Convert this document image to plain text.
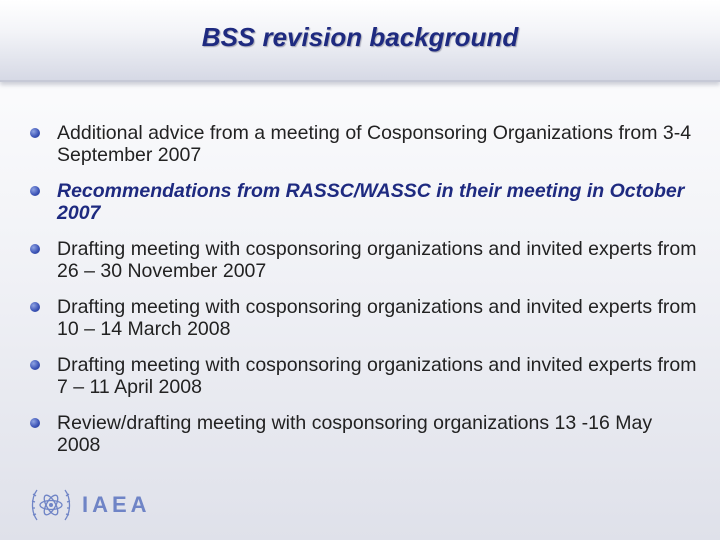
BSS revision background
Additional advice from a meeting of Cosponsoring Organizations from 3-4 September 2007
Recommendations from RASSC/WASSC in their meeting in October 2007
Drafting meeting with cosponsoring organizations and invited experts from 26 – 30 November 2007
Drafting meeting with cosponsoring organizations and invited experts from 10 – 14 March 2008
Drafting meeting with cosponsoring organizations and invited experts from 7 – 11 April 2008
Review/drafting meeting with cosponsoring organizations 13 -16 May 2008
IAEA
